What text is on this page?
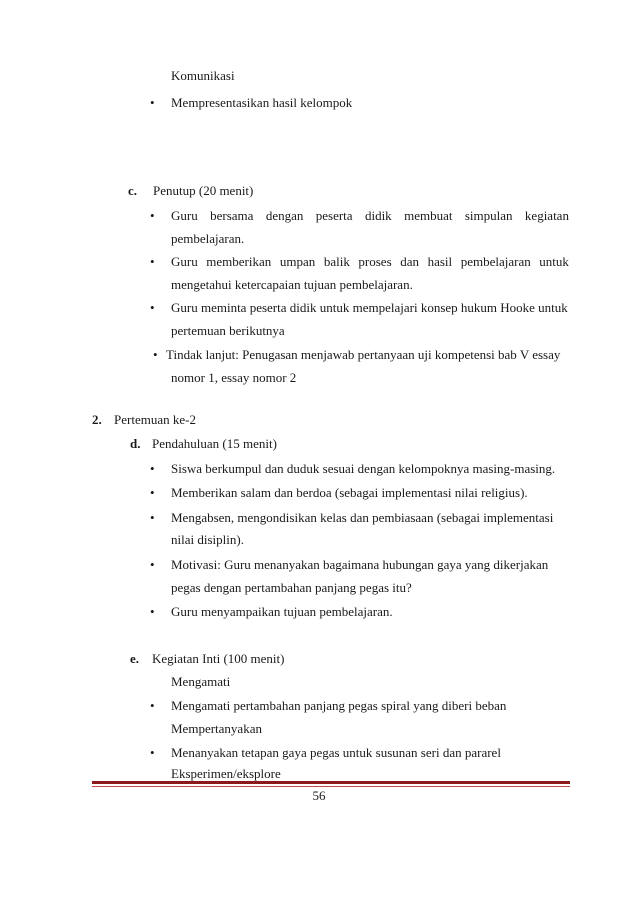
Komunikasi
• Mempresentasikan hasil kelompok
c. Penutup (20 menit)
• Guru bersama dengan peserta didik membuat simpulan kegiatan
pembelajaran.
• Guru memberikan umpan balik proses dan hasil pembelajaran untuk
mengetahui ketercapaian tujuan pembelajaran.
• Guru meminta peserta didik untuk mempelajari konsep hukum Hooke untuk
pertemuan berikutnya
• Tindak lanjut: Penugasan menjawab pertanyaan uji kompetensi bab V essay
nomor 1, essay nomor 2
2. Pertemuan ke-2
d. Pendahuluan (15 menit)
• Siswa berkumpul dan duduk sesuai dengan kelompoknya masing-masing.
• Memberikan salam dan berdoa (sebagai implementasi nilai religius).
• Mengabsen, mengondisikan kelas dan pembiasaan (sebagai implementasi
nilai disiplin).
• Motivasi: Guru menanyakan bagaimana hubungan gaya yang dikerjakan
pegas dengan pertambahan panjang pegas itu?
• Guru menyampaikan tujuan pembelajaran.
e. Kegiatan Inti (100 menit)
Mengamati
• Mengamati pertambahan panjang pegas spiral yang diberi beban
Mempertanyakan
• Menanyakan tetapan gaya pegas untuk susunan seri dan pararel
Eksperimen/eksplore
56
